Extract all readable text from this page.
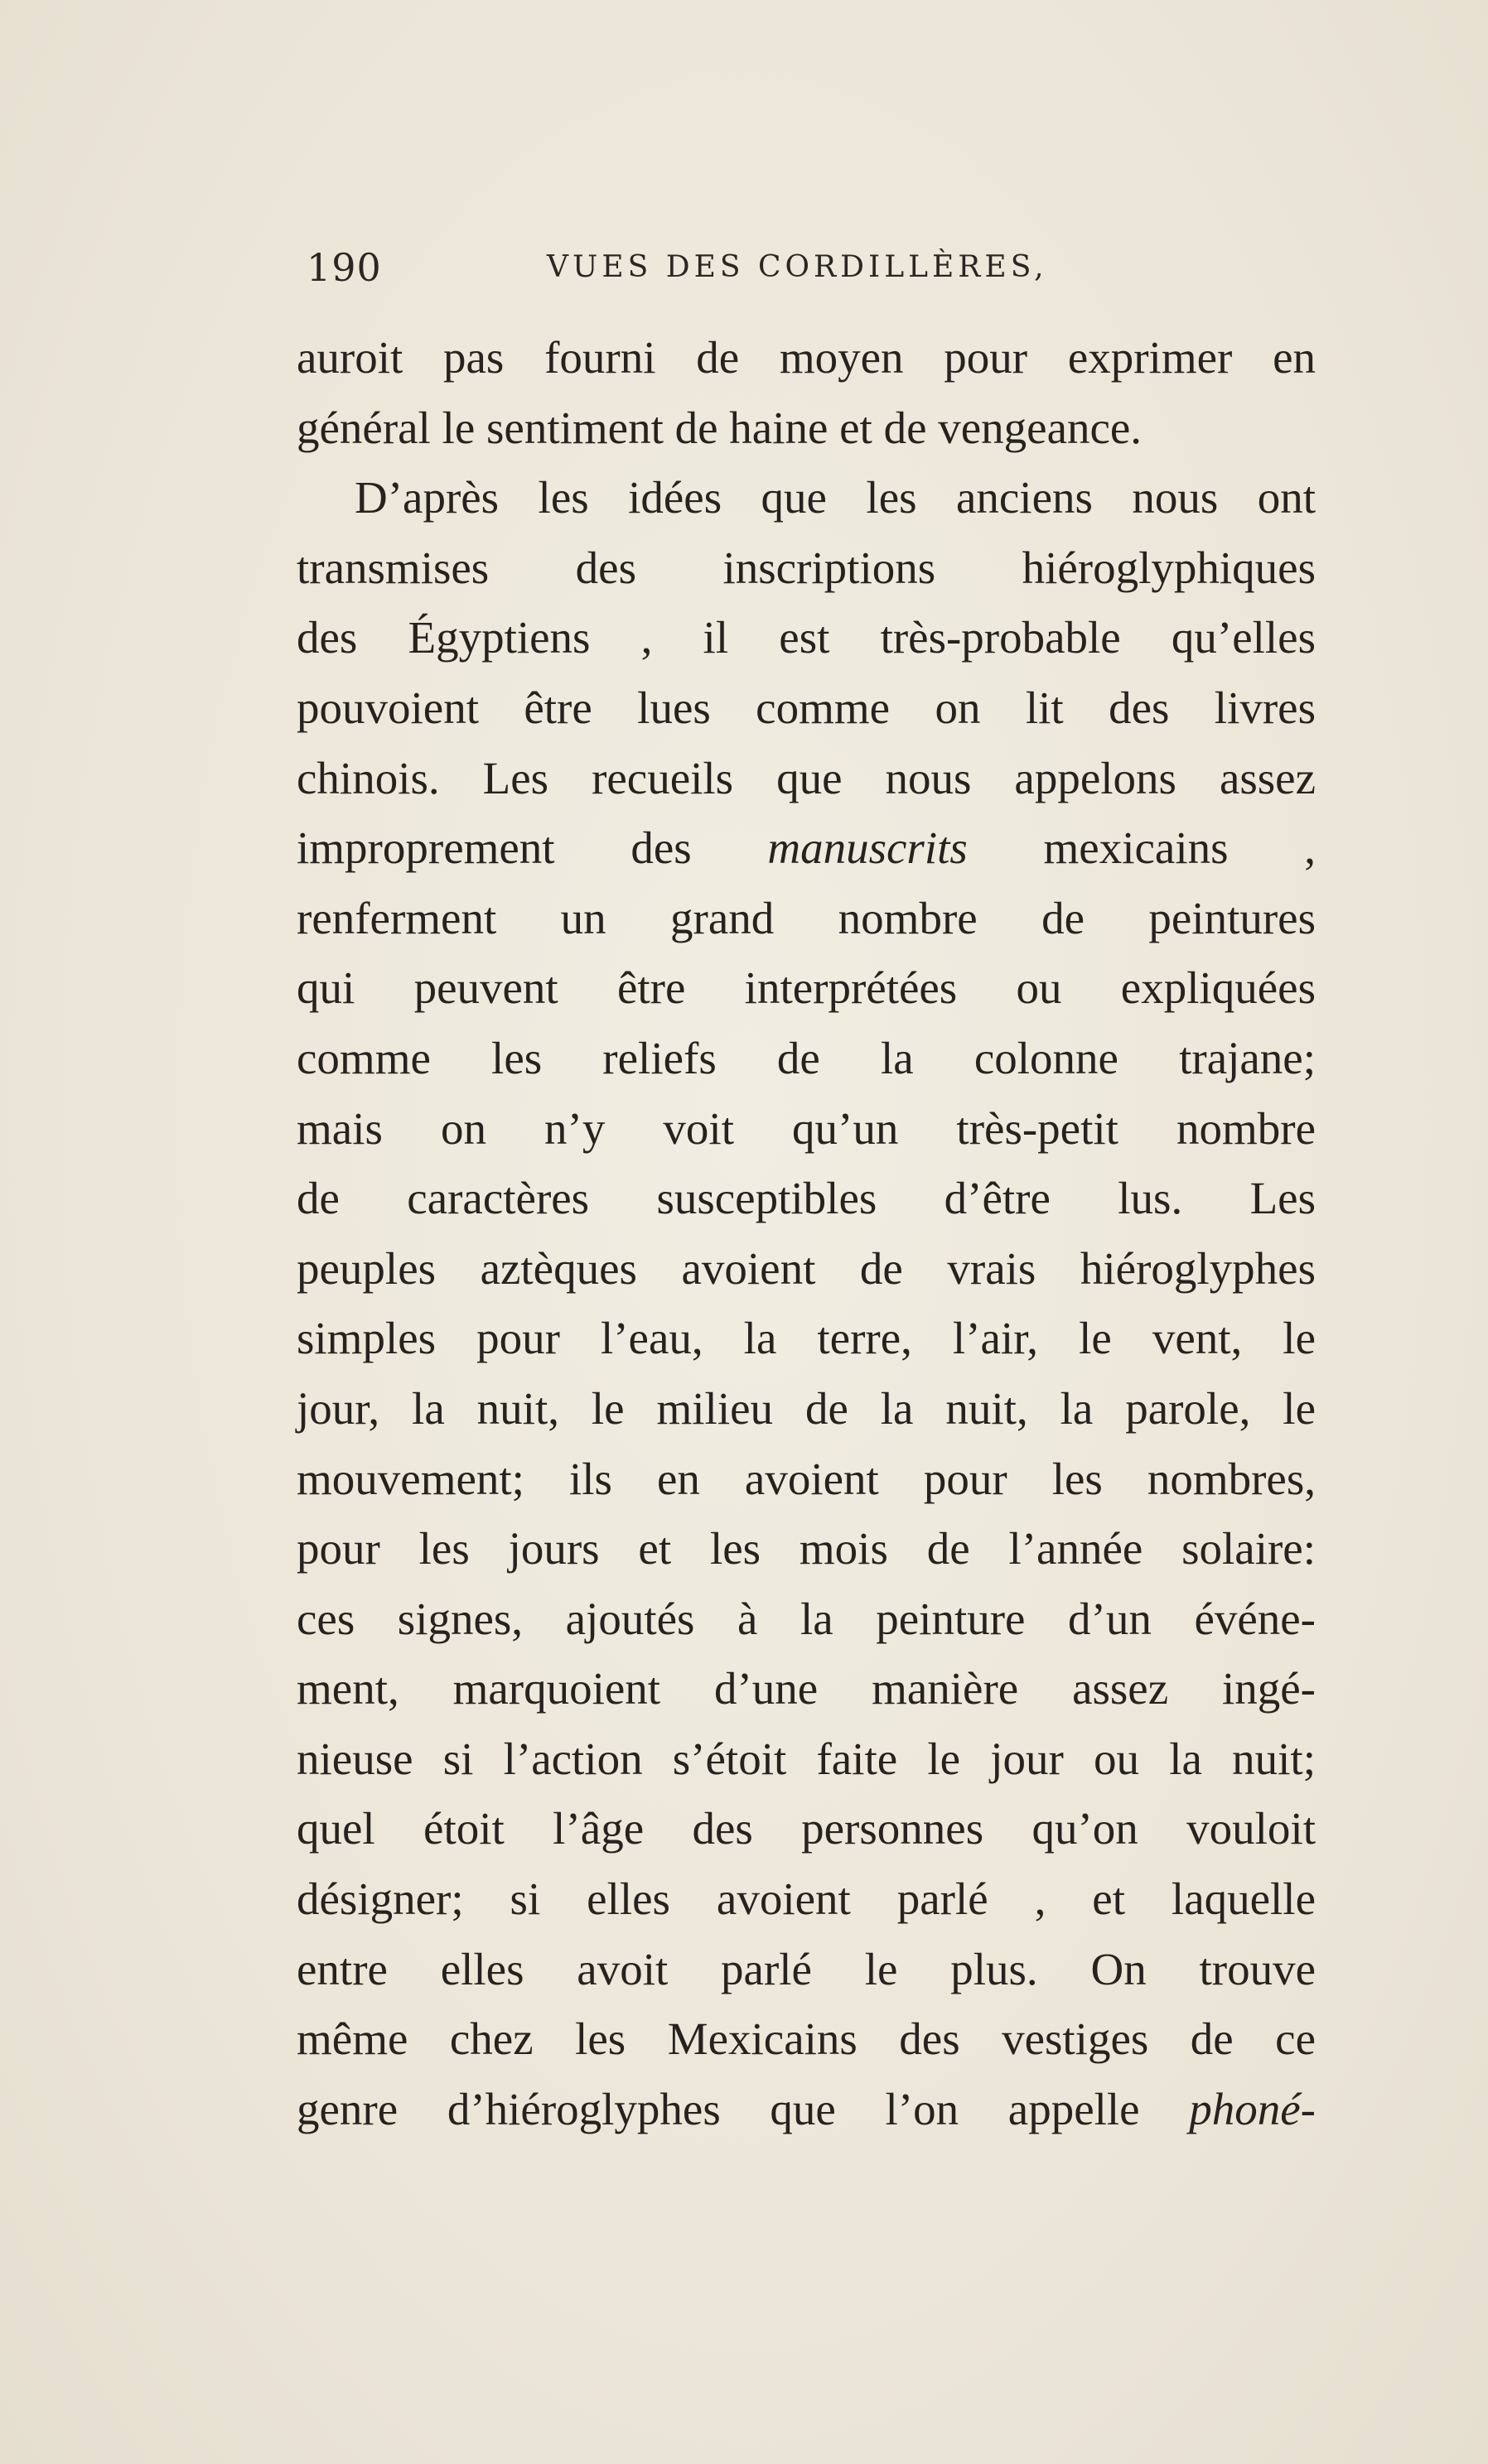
190	VUES DES CORDILLÈRES,
auroit pas fourni de moyen pour exprimer en
général le sentiment de haine et de vengeance.
D’après les idées que les anciens nous ont
transmises des inscriptions hiéroglyphiques
des Égyptiens , il est très-probable qu’elles
pouvoient être lues comme on lit des livres
chinois. Les recueils que nous appelons assez
improprement des manuscrits mexicains ,
renferment un grand nombre de peintures
qui peuvent être interprétées ou expliquées
comme les reliefs de la colonne trajane;
mais on n’y voit qu’un très-petit nombre
de caractères susceptibles d’être lus. Les
peuples aztèques avoient de vrais hiéroglyphes
simples pour l’eau, la terre, l’air, le vent, le
jour, la nuit, le milieu de la nuit, la parole, le
mouvement; ils en avoient pour les nombres,
pour les jours et les mois de l’année solaire:
ces signes, ajoutés à la peinture d’un événe-
ment, marquoient d’une manière assez ingé-
nieuse si l’action s’étoit faite le jour ou la nuit;
quel étoit l’âge des personnes qu’on vouloit
désigner; si elles avoient parlé , et laquelle
entre elles avoit parlé le plus. On trouve
même chez les Mexicains des vestiges de ce
genre d’hiéroglyphes que l’on appelle phoné-
